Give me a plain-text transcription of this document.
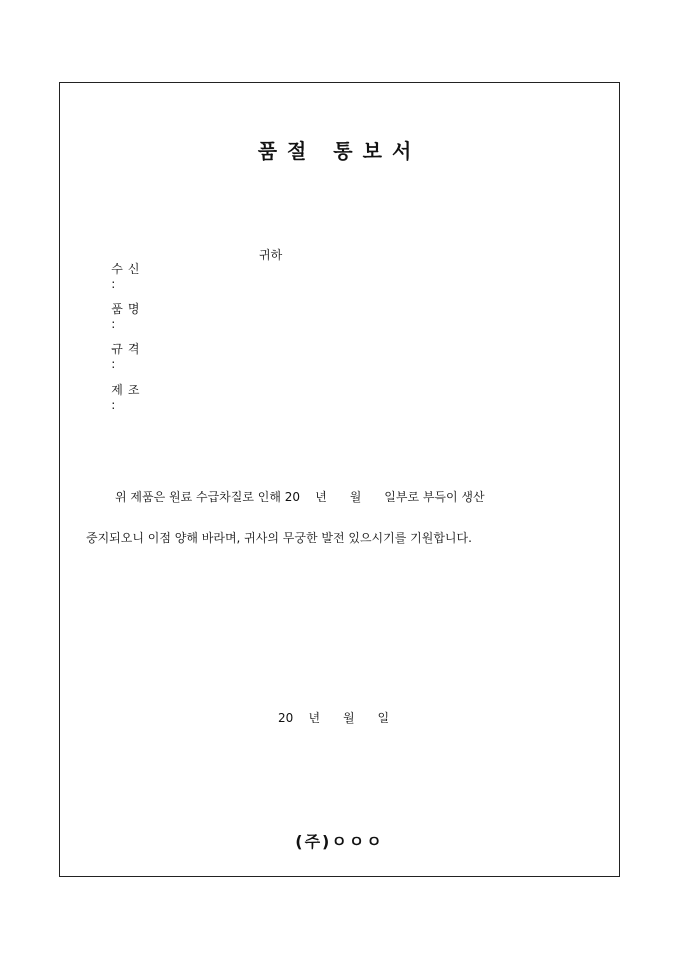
품절 통보서

수신
:

귀하

품명
:

규격
:

제조
:

위 제품은 원료 수급차질로 인해 20    년      월      일부로 부득이 생산
중지되오니 이점 양해 바라며, 귀사의 무궁한 발전 있으시기를 기원합니다.
20    년      월      일
(주)ㅇㅇㅇ
